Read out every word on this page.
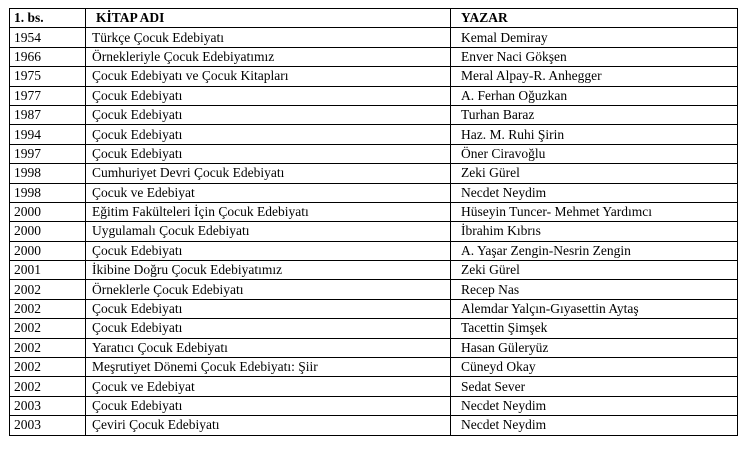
1. bs.	KİTAP ADI	YAZAR
1954	Türkçe Çocuk Edebiyatı	Kemal Demiray
1966	Örnekleriyle Çocuk Edebiyatımız	Enver Naci Gökşen
1975	Çocuk Edebiyatı ve Çocuk Kitapları	Meral Alpay-R. Anhegger
1977	Çocuk Edebiyatı	A. Ferhan Oğuzkan
1987	Çocuk Edebiyatı	Turhan Baraz
1994	Çocuk Edebiyatı	Haz. M. Ruhi Şirin
1997	Çocuk Edebiyatı	Öner Ciravoğlu
1998	Cumhuriyet Devri Çocuk Edebiyatı	Zeki Gürel
1998	Çocuk ve Edebiyat	Necdet Neydim
2000	Eğitim Fakülteleri İçin Çocuk Edebiyatı	Hüseyin Tuncer- Mehmet Yardımcı
2000	Uygulamalı Çocuk Edebiyatı	İbrahim Kıbrıs
2000	Çocuk Edebiyatı	A. Yaşar Zengin-Nesrin Zengin
2001	İkibine Doğru Çocuk Edebiyatımız	Zeki Gürel
2002	Örneklerle Çocuk Edebiyatı	Recep Nas
2002	Çocuk Edebiyatı	Alemdar Yalçın-Gıyasettin Aytaş
2002	Çocuk Edebiyatı	Tacettin Şimşek
2002	Yaratıcı Çocuk Edebiyatı	Hasan Güleryüz
2002	Meşrutiyet Dönemi Çocuk Edebiyatı: Şiir	Cüneyd Okay
2002	Çocuk ve Edebiyat	Sedat Sever
2003	Çocuk Edebiyatı	Necdet Neydim
2003	Çeviri Çocuk Edebiyatı	Necdet Neydim
